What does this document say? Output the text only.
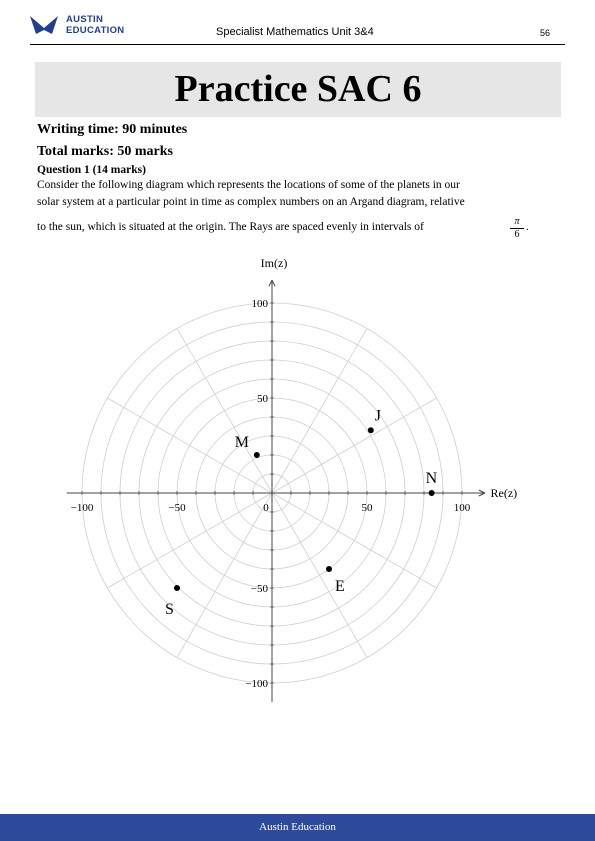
AUSTIN
EDUCATION	Specialist Mathematics Unit 3&4	56
Practice SAC 6
Writing time: 90 minutes
Total marks: 50 marks
Question 1 (14 marks)
Consider the following diagram which represents the locations of some of the planets in our
solar system at a particular point in time as complex numbers on an Argand diagram, relative
to the sun, which is situated at the origin. The Rays are spaced evenly in intervals of	$\frac{\pi}{6}$ .
Im(z)
Re(z)
−100	−50	0	50	100
100
50
−50
−100
J
M
N
E
S
Austin Education
